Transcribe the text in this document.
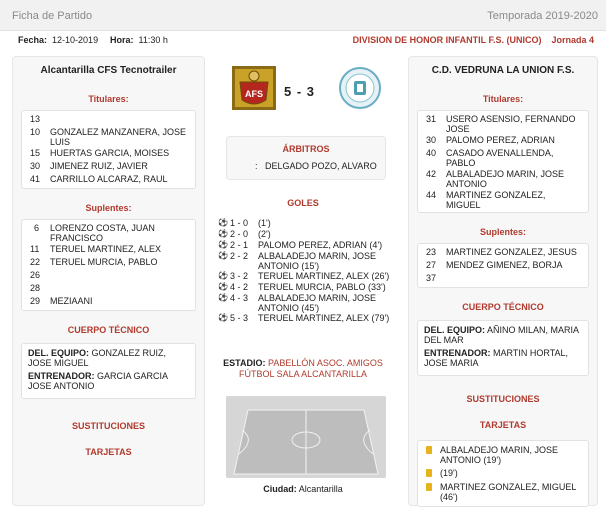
Ficha de Partido	Temporada 2019-2020
Fecha: 12-10-2019 Hora: 11:30 h	DIVISION DE HONOR INFANTIL F.S. (UNICO) Jornada 4
Alcantarilla CFS Tecnotrailer
Titulares:
13
10	GONZALEZ MANZANERA, JOSE LUIS
15	HUERTAS GARCIA, MOISES
30	JIMENEZ RUIZ, JAVIER
41	CARRILLO ALCARAZ, RAUL
Suplentes:
6	LORENZO COSTA, JUAN FRANCISCO
11	TERUEL MARTINEZ, ALEX
22	TERUEL MURCIA, PABLO
26
28
29	MEZIAANI
CUERPO TÉCNICO
DEL. EQUIPO: GONZALEZ RUIZ, JOSE MIGUEL
ENTRENADOR: GARCIA GARCIA JOSE ANTONIO
SUSTITUCIONES
TARJETAS
AFS 5 - 3
ÁRBITROS
: DELGADO POZO, ALVARO
GOLES
⚽ 1 - 0	(1')
⚽ 2 - 0	(2')
⚽ 2 - 1	PALOMO PEREZ, ADRIAN (4')
⚽ 2 - 2	ALBALADEJO MARIN, JOSE ANTONIO (15')
⚽ 3 - 2	TERUEL MARTINEZ, ALEX (26')
⚽ 4 - 2	TERUEL MURCIA, PABLO (33')
⚽ 4 - 3	ALBALADEJO MARIN, JOSE ANTONIO (45')
⚽ 5 - 3	TERUEL MARTINEZ, ALEX (79')
ESTADIO: PABELLÓN ASOC. AMIGOS FÚTBOL SALA ALCANTARILLA
Ciudad: Alcantarilla
C.D. VEDRUNA LA UNION F.S.
Titulares:
31	USERO ASENSIO, FERNANDO JOSE
30	PALOMO PEREZ, ADRIAN
40	CASADO AVENALLENDA, PABLO
42	ALBALADEJO MARIN, JOSE ANTONIO
44	MARTINEZ GONZALEZ, MIGUEL
Suplentes:
23	MARTINEZ GONZALEZ, JESUS
27	MENDEZ GIMENEZ, BORJA
37
CUERPO TÉCNICO
DEL. EQUIPO: AÑINO MILAN, MARIA DEL MAR
ENTRENADOR: MARTIN HORTAL, JOSE MARIA
SUSTITUCIONES
TARJETAS
ALBALADEJO MARIN, JOSE ANTONIO (19')
(19')
MARTINEZ GONZALEZ, MIGUEL (46')
